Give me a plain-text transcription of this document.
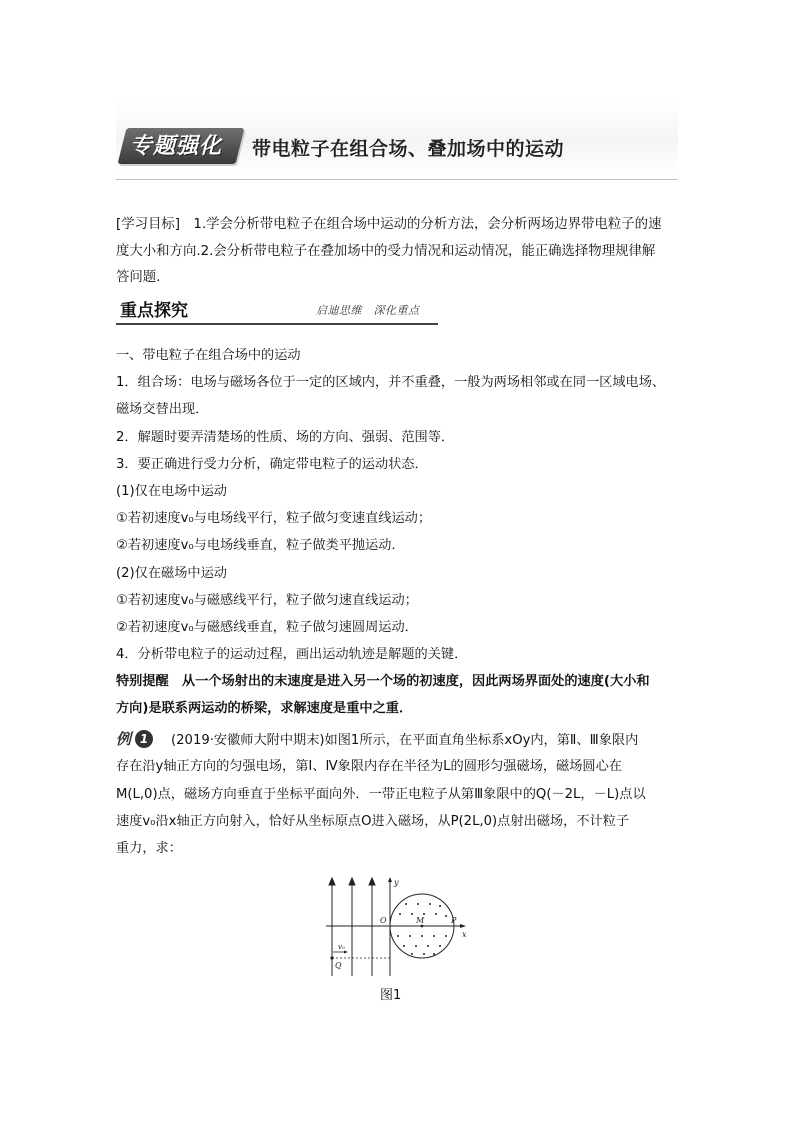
专题强化 带电粒子在组合场、叠加场中的运动
[学习目标]　1.学会分析带电粒子在组合场中运动的分析方法，会分析两场边界带电粒子的速
度大小和方向.2.会分析带电粒子在叠加场中的受力情况和运动情况，能正确选择物理规律解
答问题.
重点探究	启迪思维　深化重点
一、带电粒子在组合场中的运动
1．组合场：电场与磁场各位于一定的区域内，并不重叠，一般为两场相邻或在同一区域电场、
磁场交替出现．
2．解题时要弄清楚场的性质、场的方向、强弱、范围等．
3．要正确进行受力分析，确定带电粒子的运动状态．
(1)仅在电场中运动
①若初速度v₀与电场线平行，粒子做匀变速直线运动；
②若初速度v₀与电场线垂直，粒子做类平抛运动．
(2)仅在磁场中运动
①若初速度v₀与磁感线平行，粒子做匀速直线运动；
②若初速度v₀与磁感线垂直，粒子做匀速圆周运动．
4．分析带电粒子的运动过程，画出运动轨迹是解题的关键．
特别提醒　从一个场射出的末速度是进入另一个场的初速度，因此两场界面处的速度(大小和
方向)是联系两运动的桥梁，求解速度是重中之重．
例 1 (2019·安徽师大附中期末)如图1所示，在平面直角坐标系xOy内，第Ⅱ、Ⅲ象限内
存在沿y轴正方向的匀强电场，第Ⅰ、Ⅳ象限内存在半径为L的圆形匀强磁场，磁场圆心在
M(L,0)点，磁场方向垂直于坐标平面向外．一带正电粒子从第Ⅲ象限中的Q(－2L，－L)点以
速度v₀沿x轴正方向射入，恰好从坐标原点O进入磁场，从P(2L,0)点射出磁场，不计粒子
重力，求：
y
x
O	M	P
Q
v₀
图1
